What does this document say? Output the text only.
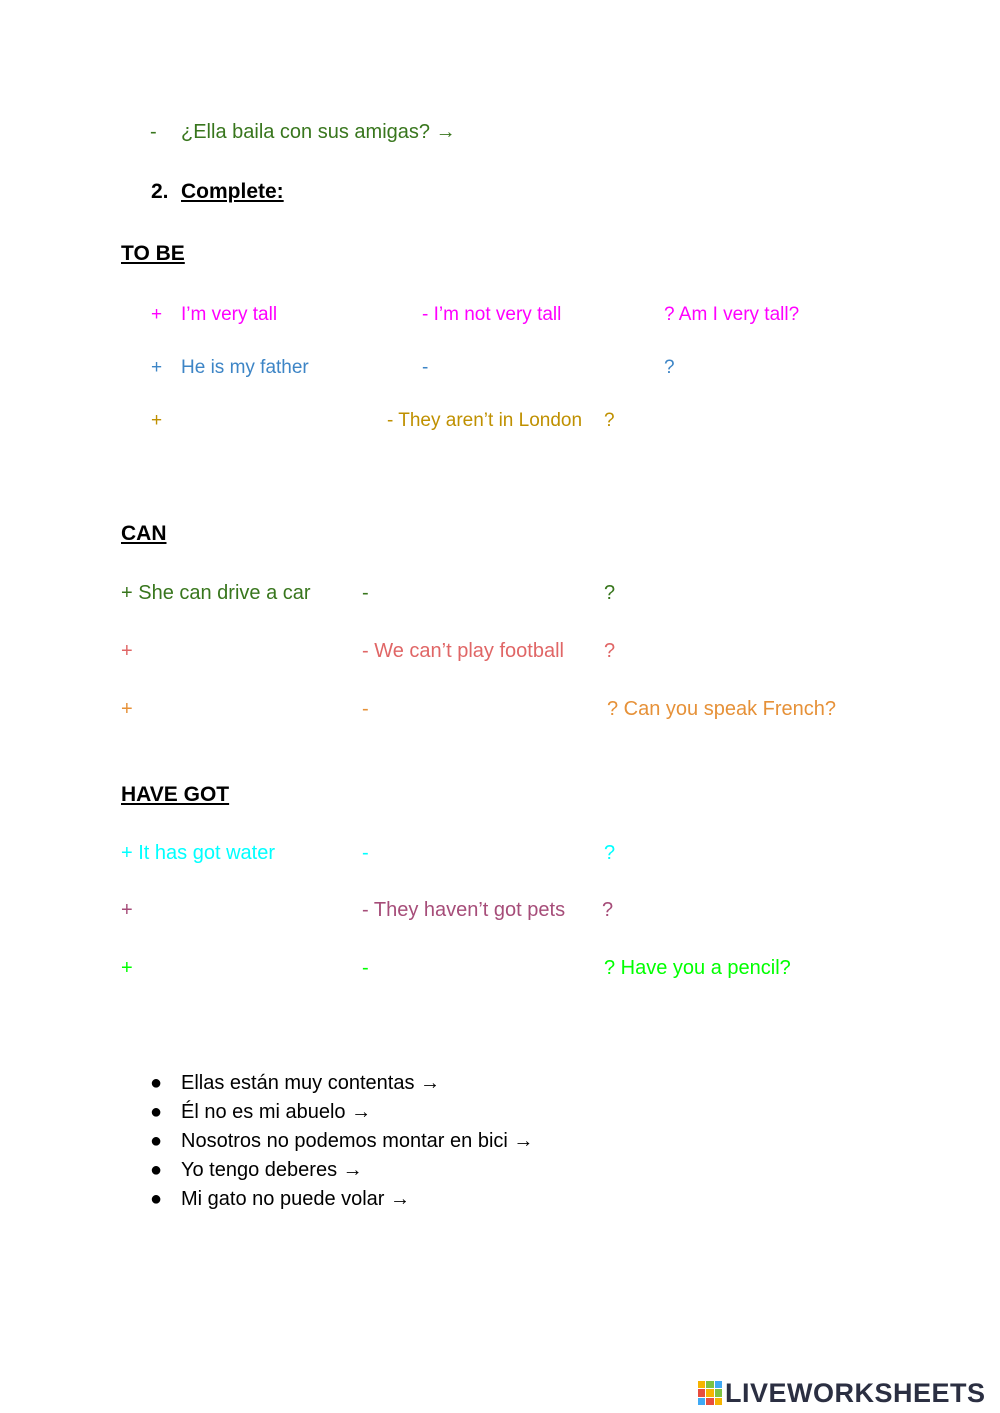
- ¿Ella baila con sus amigas? →
2. Complete:
TO BE
+ I’m very tall	- I’m not very tall	? Am I very tall?
+ He is my father	-	?
+	- They aren’t in London ?
CAN
+ She can drive a car	-	?
+	- We can’t play football ?
+	-	? Can you speak French?
HAVE GOT
+ It has got water	-	?
+	- They haven’t got pets ?
+	-	? Have you a pencil?
● Ellas están muy contentas →
● Él no es mi abuelo →
● Nosotros no podemos montar en bici →
● Yo tengo deberes →
● Mi gato no puede volar →
LIVEWORKSHEETS
